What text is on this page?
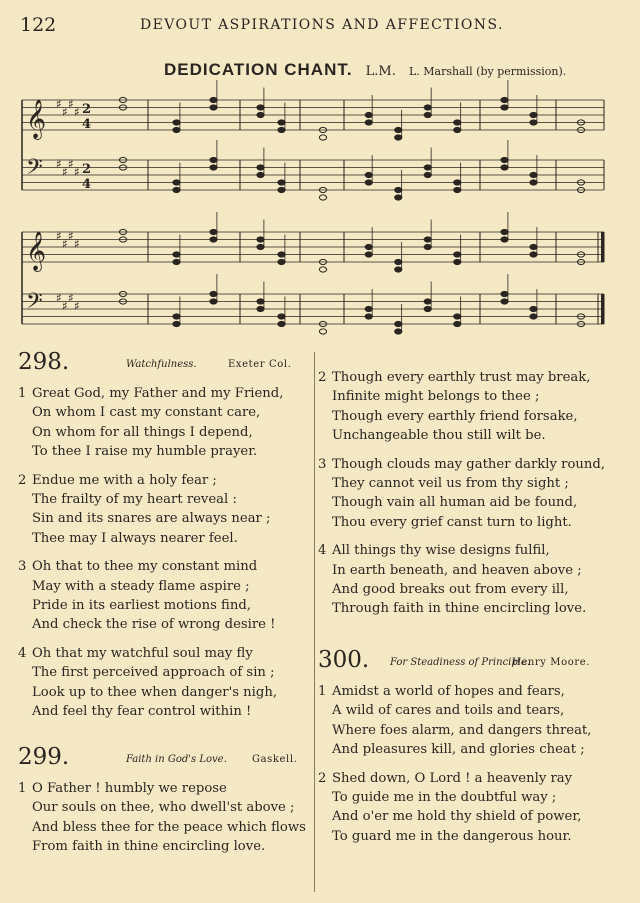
122	DEVOUT ASPIRATIONS AND AFFECTIONS.
DEDICATION CHANT. L.M. L. Marshall (by permission).
𝄞 ♯
♯
♯
♯ 2
4
𝄢 ♯
♯
♯
♯ 2
4
𝄞 ♯
♯
♯
♯
𝄢 ♯
♯
♯
♯
298.	Watchfulness.	Exeter Col.
1 Great God, my Father and my Friend,
On whom I cast my constant care,
On whom for all things I depend,
To thee I raise my humble prayer.
2 Endue me with a holy fear ;
The frailty of my heart reveal :
Sin and its snares are always near ;
Thee may I always nearer feel.
3 Oh that to thee my constant mind
May with a steady flame aspire ;
Pride in its earliest motions find,
And check the rise of wrong desire !
4 Oh that my watchful soul may fly
The first perceived approach of sin ;
Look up to thee when danger's nigh,
And feel thy fear control within !
299.	Faith in God's Love.	Gaskell.
1 O Father ! humbly we repose
Our souls on thee, who dwell'st above ;
And bless thee for the peace which flows
From faith in thine encircling love.
2 Though every earthly trust may break,
Infinite might belongs to thee ;
Though every earthly friend forsake,
Unchangeable thou still wilt be.
3 Though clouds may gather darkly round,
They cannot veil us from thy sight ;
Though vain all human aid be found,
Thou every grief canst turn to light.
4 All things thy wise designs fulfil,
In earth beneath, and heaven above ;
And good breaks out from every ill,
Through faith in thine encircling love.
300. For Steadiness of Principle.
Henry Moore.
1 Amidst a world of hopes and fears,
A wild of cares and toils and tears,
Where foes alarm, and dangers threat,
And pleasures kill, and glories cheat ;
2 Shed down, O Lord ! a heavenly ray
To guide me in the doubtful way ;
And o'er me hold thy shield of power,
To guard me in the dangerous hour.
